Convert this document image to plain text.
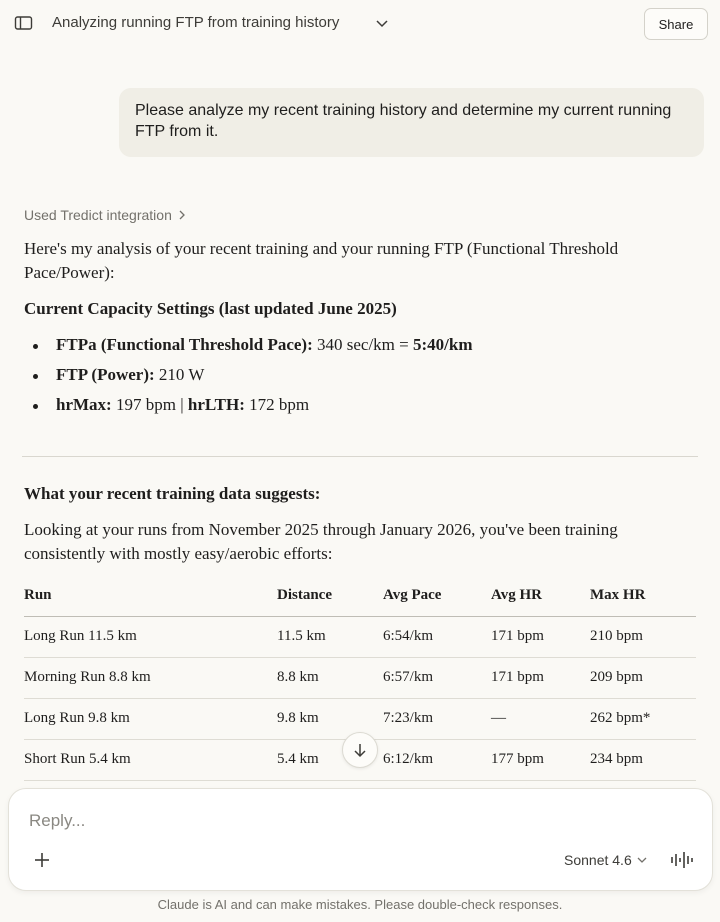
Analyzing running FTP from training history	Share
Please analyze my recent training history and determine my current running FTP from it.
Used Tredict integration

Here's my analysis of your recent training and your running FTP (Functional Threshold Pace/Power):

Current Capacity Settings (last updated June 2025)

FTPa (Functional Threshold Pace): 340 sec/km = 5:40/km
FTP (Power): 210 W
hrMax: 197 bpm | hrLTH: 172 bpm

What your recent training data suggests:

Looking at your runs from November 2025 through January 2026, you've been training consistently with mostly easy/aerobic efforts:

Run	Distance	Avg Pace	Avg HR	Max HR
Long Run 11.5 km	11.5 km	6:54/km	171 bpm	210 bpm
Morning Run 8.8 km	8.8 km	6:57/km	171 bpm	209 bpm
Long Run 9.8 km	9.8 km	7:23/km	—	262 bpm*
Short Run 5.4 km	5.4 km	6:12/km	177 bpm	234 bpm
Reply...
Sonnet 4.6
Claude is AI and can make mistakes. Please double-check responses.
